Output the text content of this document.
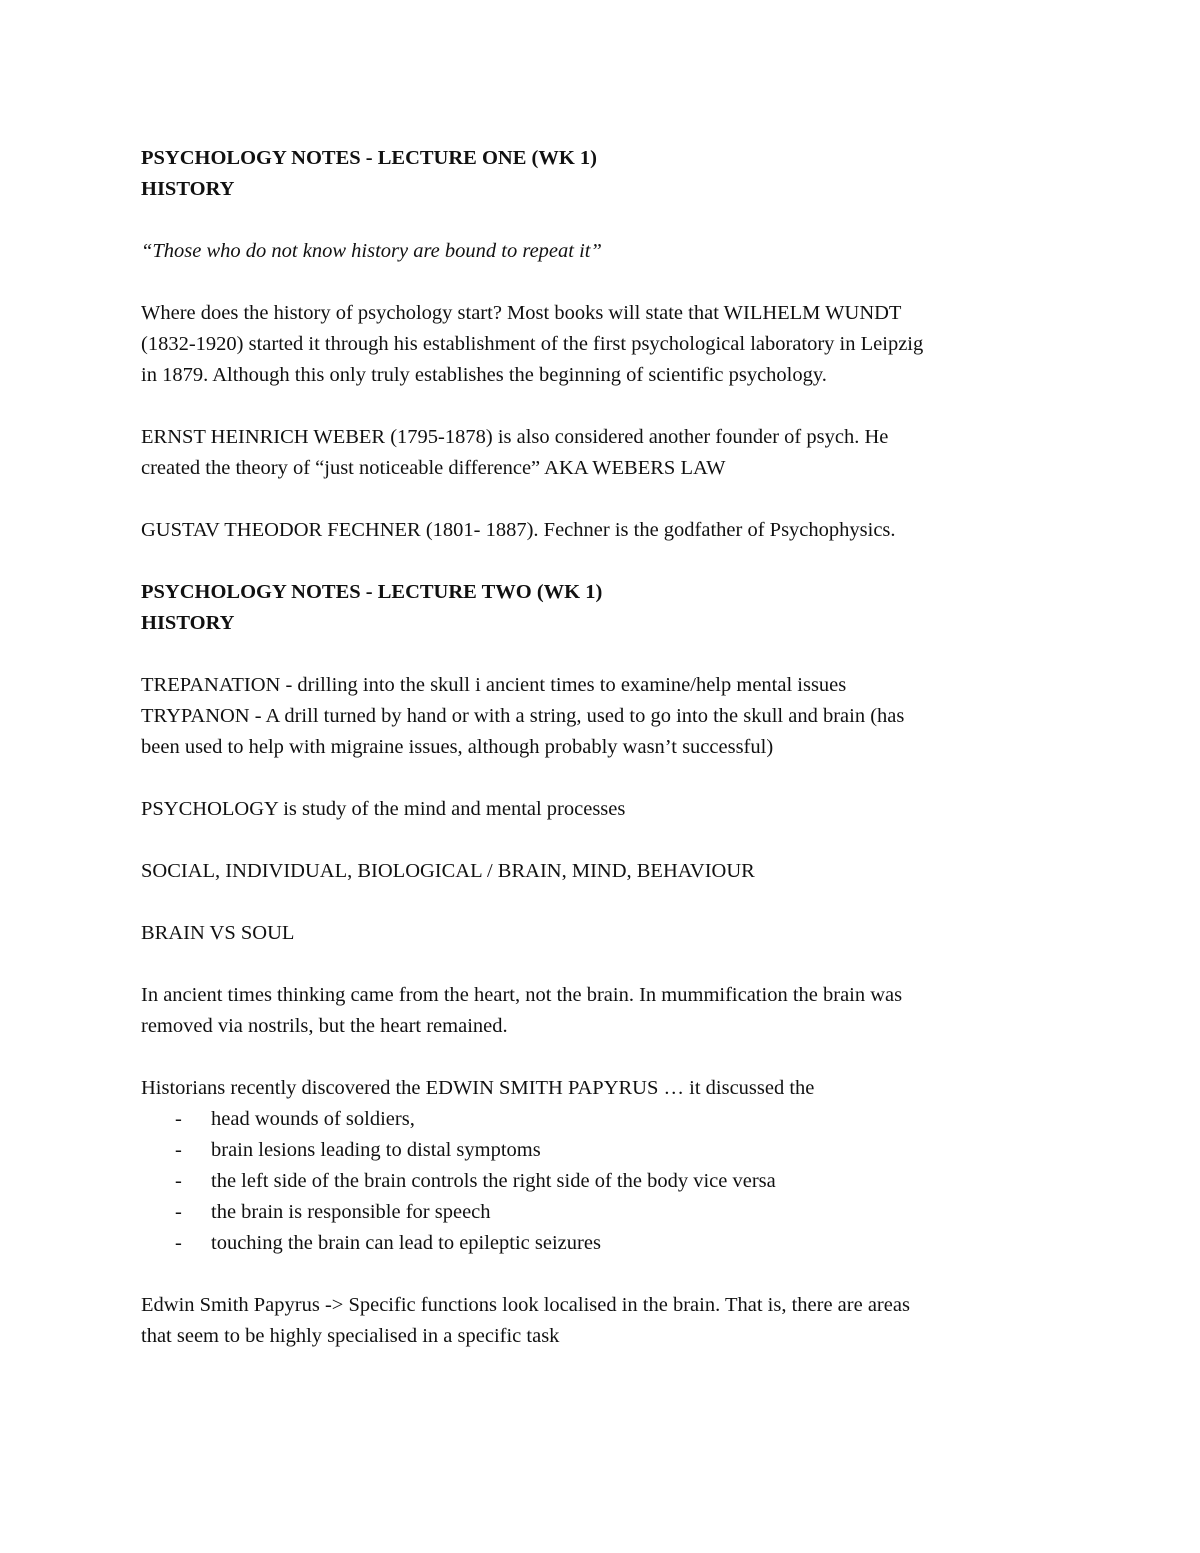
PSYCHOLOGY NOTES - LECTURE ONE (WK 1)
HISTORY
“Those who do not know history are bound to repeat it”
Where does the history of psychology start? Most books will state that WILHELM WUNDT
(1832-1920) started it through his establishment of the first psychological laboratory in Leipzig
in 1879. Although this only truly establishes the beginning of scientific psychology.
ERNST HEINRICH WEBER (1795-1878) is also considered another founder of psych. He
created the theory of “just noticeable difference” AKA WEBERS LAW
GUSTAV THEODOR FECHNER (1801- 1887). Fechner is the godfather of Psychophysics.
PSYCHOLOGY NOTES - LECTURE TWO (WK 1)
HISTORY
TREPANATION - drilling into the skull i ancient times to examine/help mental issues
TRYPANON - A drill turned by hand or with a string, used to go into the skull and brain (has
been used to help with migraine issues, although probably wasn’t successful)
PSYCHOLOGY is study of the mind and mental processes
SOCIAL, INDIVIDUAL, BIOLOGICAL / BRAIN, MIND, BEHAVIOUR
BRAIN VS SOUL
In ancient times thinking came from the heart, not the brain. In mummification the brain was
removed via nostrils, but the heart remained.
Historians recently discovered the EDWIN SMITH PAPYRUS … it discussed the
- head wounds of soldiers,
- brain lesions leading to distal symptoms
- the left side of the brain controls the right side of the body vice versa
- the brain is responsible for speech
- touching the brain can lead to epileptic seizures
Edwin Smith Papyrus -> Specific functions look localised in the brain. That is, there are areas
that seem to be highly specialised in a specific task
